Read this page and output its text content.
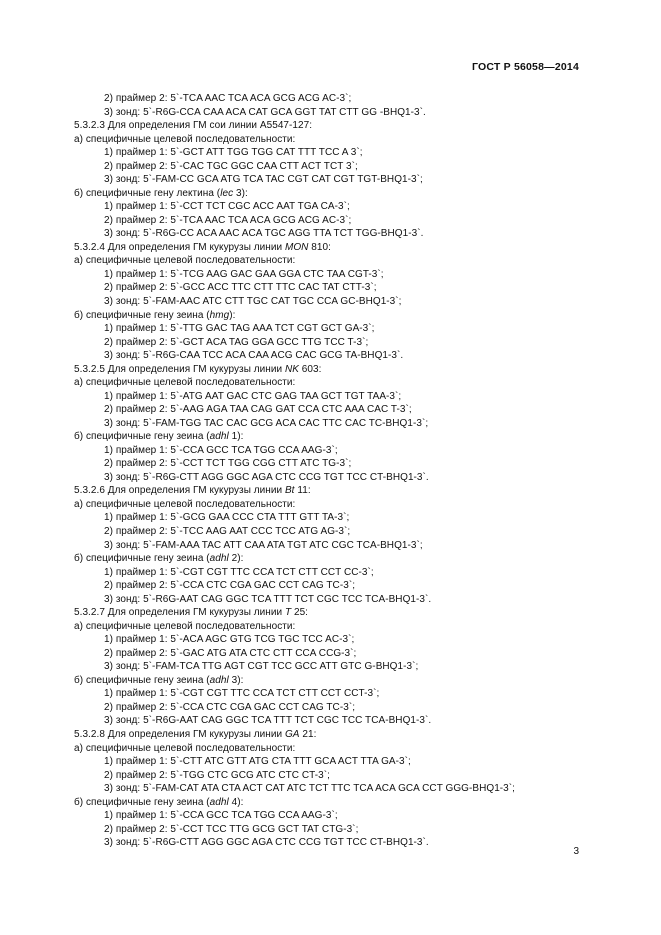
ГОСТ Р 56058—2014
2) праймер 2: 5`-TCA AAC TCA ACA GCG ACG AC-3`;
3) зонд: 5`-R6G-CCA CAA ACA CAT GCA GGT TAT CTT GG -BHQ1-3`.
5.3.2.3 Для определения ГМ сои линии А5547-127:
а) специфичные целевой последовательности:
1) праймер 1: 5`-GCT ATT TGG TGG CAT TTT TCC A 3`;
2) праймер 2: 5`-CAC TGC GGC CAA CTT ACT TCT 3`;
3) зонд: 5`-FAM-CC GCA ATG TCA TAC CGT CAT CGT TGT-BHQ1-3`;
б) специфичные гену лектина (lec 3):
1) праймер 1: 5`-CCT TCT CGC ACC AAT TGA CA-3`;
2) праймер 2: 5`-TCA AAC TCA ACA GCG ACG AC-3`;
3) зонд: 5`-R6G-CC ACA AAC ACA TGC AGG TTA TCT TGG-BHQ1-3`.
5.3.2.4 Для определения ГМ кукурузы линии MON 810:
а) специфичные целевой последовательности:
1) праймер 1: 5`-TCG AAG GAC GAA GGA CTC TAA CGT-3`;
2) праймер 2: 5`-GCC ACC TTC CTT TTC CAC TAT CTT-3`;
3) зонд: 5`-FAM-AAC ATC CTT TGC CAT TGC CCA GC-BHQ1-3`;
б) специфичные гену зеина (hmg):
1) праймер 1: 5`-TTG GAC TAG AAA TCT CGT GCT GA-3`;
2) праймер 2: 5`-GCT ACA TAG GGA GCC TTG TCC T-3`;
3) зонд: 5`-R6G-CAA TCC ACA CAA ACG CAC GCG TA-BHQ1-3`.
5.3.2.5 Для определения ГМ кукурузы линии NK 603:
а) специфичные целевой последовательности:
1) праймер 1: 5`-ATG AAT GAC CTC GAG TAA GCT TGT TAA-3`;
2) праймер 2: 5`-AAG AGA TAA CAG GAT CCA CTC AAA CAC T-3`;
3) зонд: 5`-FAM-TGG TAC CAC GCG ACA CAC TTC CAC TC-BHQ1-3`;
б) специфичные гену зеина (adhl 1):
1) праймер 1: 5`-CCA GCC TCA TGG CCA AAG-3`;
2) праймер 2: 5`-CCT TCT TGG CGG CTT ATC TG-3`;
3) зонд: 5`-R6G-CTT AGG GGC AGA CTC CCG TGT TCC CT-BHQ1-3`.
5.3.2.6 Для определения ГМ кукурузы линии Bt 11:
а) специфичные целевой последовательности:
1) праймер 1: 5`-GCG GAA CCC CTA TTT GTT TA-3`;
2) праймер 2: 5`-TCC AAG AAT CCC TCC ATG AG-3`;
3) зонд: 5`-FAM-AAA TAC ATT CAA ATA TGT ATC CGC TCA-BHQ1-3`;
б) специфичные гену зеина (adhl 2):
1) праймер 1: 5`-CGT CGT TTC CCA TCT CTT CCT CC-3`;
2) праймер 2: 5`-CCA CTC CGA GAC CCT CAG TC-3`;
3) зонд: 5`-R6G-AAT CAG GGC TCA TTT TCT CGC TCC TCA-BHQ1-3`.
5.3.2.7 Для определения ГМ кукурузы линии T 25:
а) специфичные целевой последовательности:
1) праймер 1: 5`-ACA AGC GTG TCG TGC TCC AC-3`;
2) праймер 2: 5`-GAC ATG ATA CTC CTT CCA CCG-3`;
3) зонд: 5`-FAM-TCA TTG AGT CGT TCC GCC ATT GTC G-BHQ1-3`;
б) специфичные гену зеина (adhl 3):
1) праймер 1: 5`-CGT CGT TTC CCA TCT CTT CCT CCT-3`;
2) праймер 2: 5`-CCA CTC CGA GAC CCT CAG TC-3`;
3) зонд: 5`-R6G-AAT CAG GGC TCA TTT TCT CGC TCC TCA-BHQ1-3`.
5.3.2.8 Для определения ГМ кукурузы линии GA 21:
а) специфичные целевой последовательности:
1) праймер 1: 5`-CTT ATC GTT ATG CTA TTT GCA ACT TTA GA-3`;
2) праймер 2: 5`-TGG CTC GCG ATC CTC CT-3`;
3) зонд: 5`-FAM-CAT ATA CTA ACT CAT ATC TCT TTC TCA ACA GCA CCT GGG-BHQ1-3`;
б) специфичные гену зеина (adhl 4):
1) праймер 1: 5`-CCA GCC TCA TGG CCA AAG-3`;
2) праймер 2: 5`-CCT TCC TTG GCG GCT TAT CTG-3`;
3) зонд: 5`-R6G-CTT AGG GGC AGA CTC CCG TGT TCC CT-BHQ1-3`.
3
